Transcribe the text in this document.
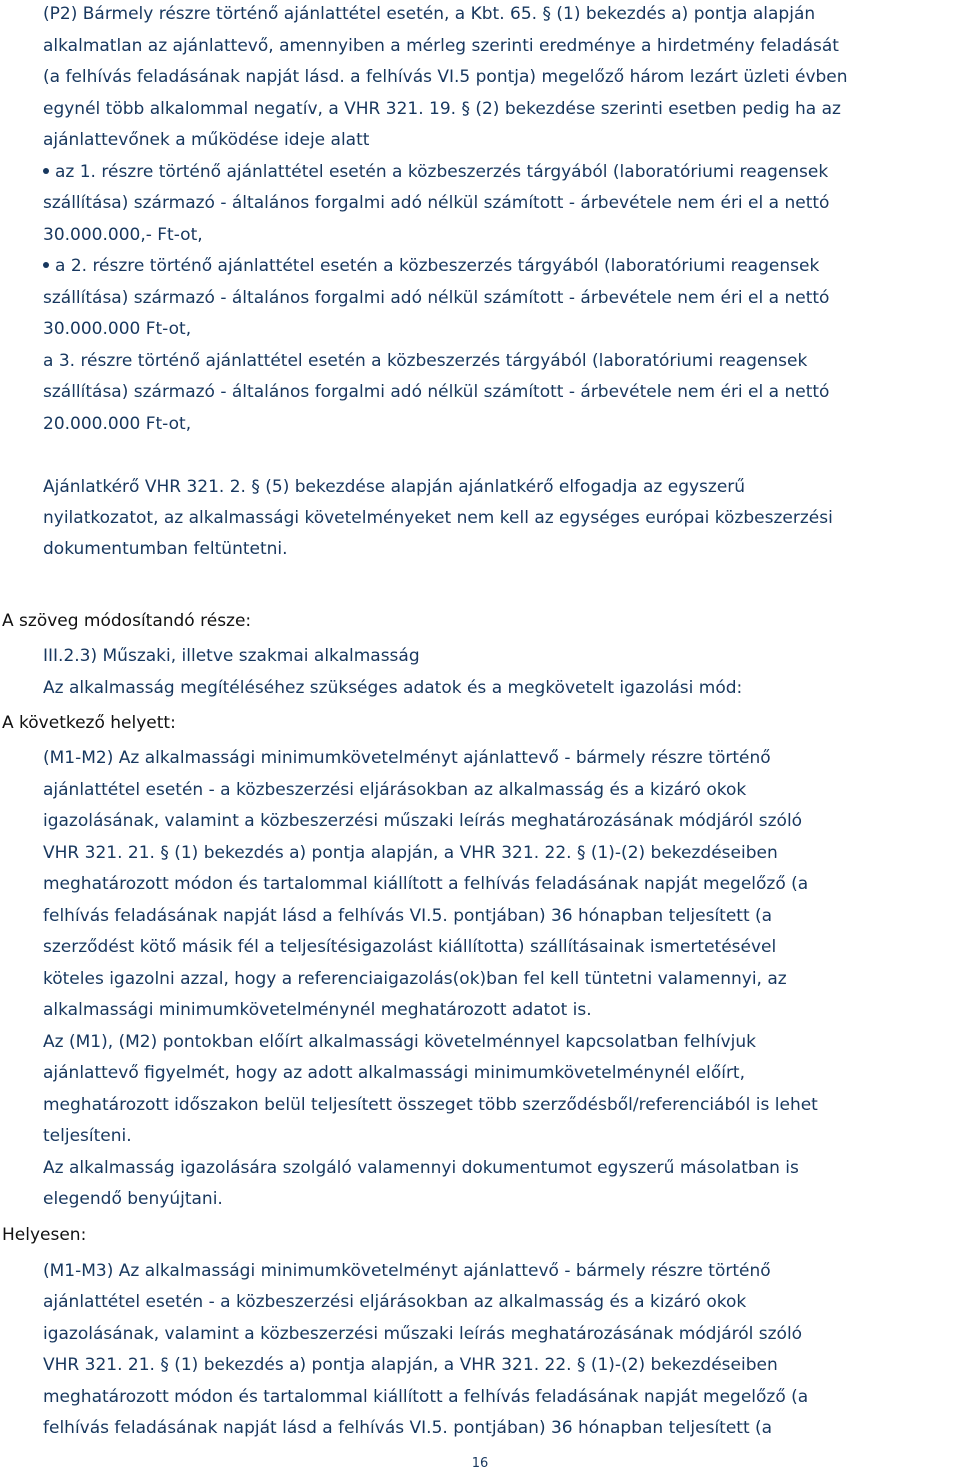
(P2) Bármely részre történő ajánlattétel esetén, a Kbt. 65. § (1) bekezdés a) pontja alapján
alkalmatlan az ajánlattevő, amennyiben a mérleg szerinti eredménye a hirdetmény feladását
(a felhívás feladásának napját lásd. a felhívás VI.5 pontja) megelőző három lezárt üzleti évben
egynél több alkalommal negatív, a VHR 321. 19. § (2) bekezdése szerinti esetben pedig ha az
ajánlattevőnek a működése ideje alatt
az 1. részre történő ajánlattétel esetén a közbeszerzés tárgyából (laboratóriumi reagensek
szállítása) származó - általános forgalmi adó nélkül számított - árbevétele nem éri el a nettó
30.000.000,- Ft-ot,
a 2. részre történő ajánlattétel esetén a közbeszerzés tárgyából (laboratóriumi reagensek
szállítása) származó - általános forgalmi adó nélkül számított - árbevétele nem éri el a nettó
30.000.000 Ft-ot,
a 3. részre történő ajánlattétel esetén a közbeszerzés tárgyából (laboratóriumi reagensek
szállítása) származó - általános forgalmi adó nélkül számított - árbevétele nem éri el a nettó
20.000.000 Ft-ot,
Ajánlatkérő VHR 321. 2. § (5) bekezdése alapján ajánlatkérő elfogadja az egyszerű
nyilatkozatot, az alkalmassági követelményeket nem kell az egységes európai közbeszerzési
dokumentumban feltüntetni.
A szöveg módosítandó része:
III.2.3) Műszaki, illetve szakmai alkalmasság
Az alkalmasság megítéléséhez szükséges adatok és a megkövetelt igazolási mód:
A következő helyett:
(M1-M2) Az alkalmassági minimumkövetelményt ajánlattevő - bármely részre történő
ajánlattétel esetén - a közbeszerzési eljárásokban az alkalmasság és a kizáró okok
igazolásának, valamint a közbeszerzési műszaki leírás meghatározásának módjáról szóló
VHR 321. 21. § (1) bekezdés a) pontja alapján, a VHR 321. 22. § (1)-(2) bekezdéseiben
meghatározott módon és tartalommal kiállított a felhívás feladásának napját megelőző (a
felhívás feladásának napját lásd a felhívás VI.5. pontjában) 36 hónapban teljesített (a
szerződést kötő másik fél a teljesítésigazolást kiállította) szállításainak ismertetésével
köteles igazolni azzal, hogy a referenciaigazolás(ok)ban fel kell tüntetni valamennyi, az
alkalmassági minimumkövetelménynél meghatározott adatot is.
Az (M1), (M2) pontokban előírt alkalmassági követelménnyel kapcsolatban felhívjuk
ajánlattevő figyelmét, hogy az adott alkalmassági minimumkövetelménynél előírt,
meghatározott időszakon belül teljesített összeget több szerződésből/referenciából is lehet
teljesíteni.
Az alkalmasság igazolására szolgáló valamennyi dokumentumot egyszerű másolatban is
elegendő benyújtani.
Helyesen:
(M1-M3) Az alkalmassági minimumkövetelményt ajánlattevő - bármely részre történő
ajánlattétel esetén - a közbeszerzési eljárásokban az alkalmasság és a kizáró okok
igazolásának, valamint a közbeszerzési műszaki leírás meghatározásának módjáról szóló
VHR 321. 21. § (1) bekezdés a) pontja alapján, a VHR 321. 22. § (1)-(2) bekezdéseiben
meghatározott módon és tartalommal kiállított a felhívás feladásának napját megelőző (a
felhívás feladásának napját lásd a felhívás VI.5. pontjában) 36 hónapban teljesített (a
16
